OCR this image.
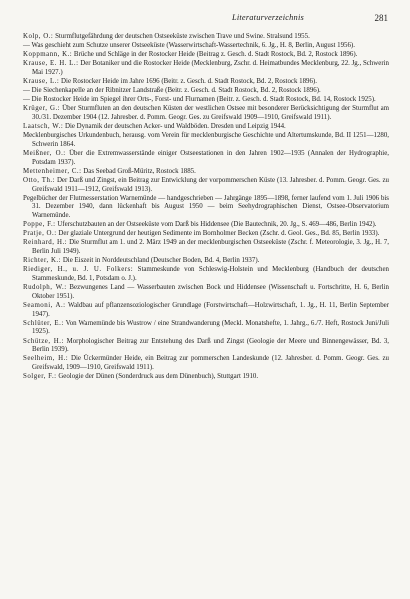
Literaturverzeichnis	281

Kolp, O.: Sturmflutgefährdung der deutschen Ostseeküste zwischen Trave und Swine. Stralsund 1955.

— Was geschieht zum Schutze unserer Ostseeküste (Wasserwirtschaft-Wassertechnik, 6. Jg., H. 8, Berlin, August 1956).

Koppmann, K.: Brüche und Schläge in der Rostocker Heide (Beitrag z. Gesch. d. Stadt Rostock, Bd. 2, Rostock 1896).

Krause, E. H. L.: Der Botaniker und die Rostocker Heide (Mecklenburg, Zschr. d. Heimatbundes Mecklenburg, 22. Jg., Schwerin Mai 1927.)

Krause, L.: Die Rostocker Heide im Jahre 1696 (Beitr. z. Gesch. d. Stadt Rostock, Bd. 2, Rostock 1896).

— Die Siechenkapelle an der Ribnitzer Landstraße (Beitr. z. Gesch. d. Stadt Rostock, Bd. 2, Rostock 1896).

— Die Rostocker Heide im Spiegel ihrer Orts-, Forst- und Flurnamen (Beitr. z. Gesch. d. Stadt Rostock, Bd. 14, Rostock 1925).

Krüger, G.: Über Sturmfluten an den deutschen Küsten der westlichen Ostsee mit besonderer Berücksichtigung der Sturmflut am 30./31. Dezember 1904 (12. Jahresber. d. Pomm. Geogr. Ges. zu Greifswald 1909—1910, Greifswald 1911).

Laatsch, W.: Die Dynamik der deutschen Acker- und Waldböden. Dresden und Leipzig 1944.

Mecklenburgisches Urkundenbuch, herausg. vom Verein für mecklenburgische Geschichte und Altertumskunde, Bd. II 1251—1280, Schwerin 1864.

Meißner, O.: Über die Extremwasserstände einiger Ostseestationen in den Jahren 1902—1935 (Annalen der Hydrographie, Potsdam 1937).

Mettenheimer, C.: Das Seebad Groß-Müritz, Rostock 1885.

Otto, Th.: Der Darß und Zingst, ein Beitrag zur Entwicklung der vorpommerschen Küste (13. Jahresber. d. Pomm. Geogr. Ges. zu Greifswald 1911—1912, Greifswald 1913).

Pegelbücher der Flutmesserstation Warnemünde — handgeschrieben — Jahrgänge 1895—1898, ferner laufend vom 1. Juli 1906 bis 31. Dezember 1940, dann lückenhaft bis August 1950 — beim Seehydrographischen Dienst, Ostsee-Observatorium Warnemünde.

Poppe, F.: Uferschutzbauten an der Ostseeküste vom Darß bis Hiddensee (Die Bautechnik, 20. Jg., S. 469—486, Berlin 1942).

Pratje, O.: Der glaziale Untergrund der heutigen Sedimente im Bornholmer Becken (Zschr. d. Geol. Ges., Bd. 85, Berlin 1933).

Reinhard, H.: Die Sturmflut am 1. und 2. März 1949 an der mecklenburgischen Ostseeküste (Zschr. f. Meteorologie, 3. Jg., H. 7, Berlin Juli 1949).

Richter, K.: Die Eiszeit in Norddeutschland (Deutscher Boden, Bd. 4, Berlin 1937).

Riediger, H., u. J. U. Folkers: Stammeskunde von Schleswig-Holstein und Mecklenburg (Handbuch der deutschen Stammeskunde, Bd. 1, Potsdam o. J.).

Rudolph, W.: Bezwungenes Land — Wasserbauten zwischen Bock und Hiddensee (Wissenschaft u. Fortschritte, H. 6, Berlin Oktober 1951).

Seamoni, A.: Waldbau auf pflanzensoziologischer Grundlage (Forstwirtschaft—Holzwirtschaft, 1. Jg., H. 11, Berlin September 1947).

Schlüter, E.: Von Warnemünde bis Wustrow / eine Strandwanderung (Meckl. Monatshefte, 1. Jahrg., 6./7. Heft, Rostock Juni/Juli 1925).

Schütze, H.: Morphologischer Beitrag zur Entstehung des Darß und Zingst (Geologie der Meere und Binnengewässer, Bd. 3, Berlin 1939).

Seelheim, H.: Die Ückermünder Heide, ein Beitrag zur pommerschen Landeskunde (12. Jahresber. d. Pomm. Geogr. Ges. zu Greifswald, 1909—1910, Greifswald 1911).

Solger, F.: Geologie der Dünen (Sonderdruck aus dem Dünenbuch), Stuttgart 1910.
